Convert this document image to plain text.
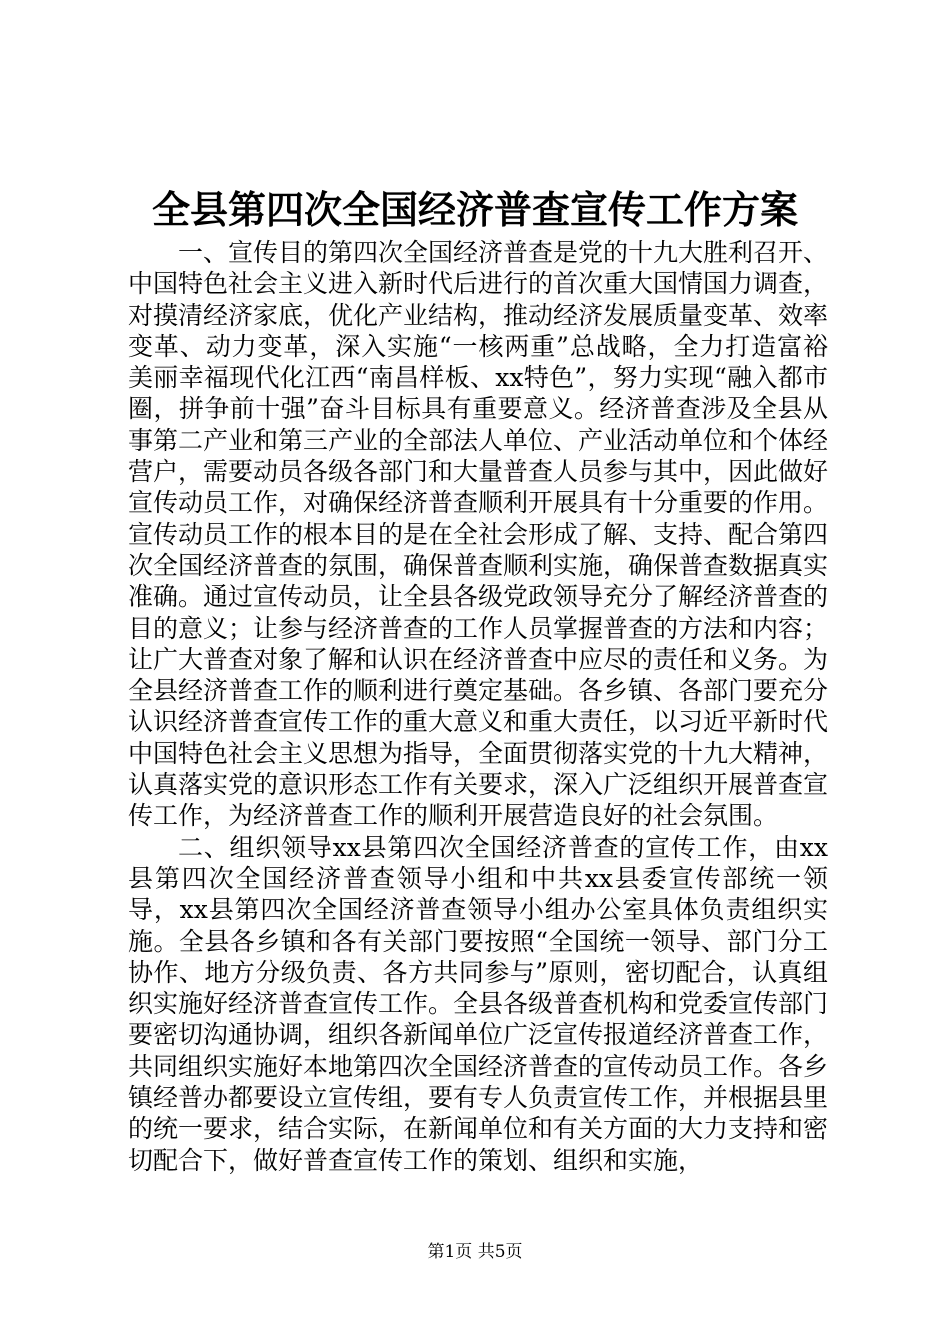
全县第四次全国经济普查宣传工作方案

一、宣传目的第四次全国经济普查是党的十九大胜利召开、中国特色社会主义进入新时代后进行的首次重大国情国力调查，对摸清经济家底，优化产业结构，推动经济发展质量变革、效率变革、动力变革，深入实施“一核两重”总战略，全力打造富裕美丽幸福现代化江西“南昌样板、xx特色”，努力实现“融入都市圈，拼争前十强”奋斗目标具有重要意义。经济普查涉及全县从事第二产业和第三产业的全部法人单位、产业活动单位和个体经营户，需要动员各级各部门和大量普查人员参与其中，因此做好宣传动员工作，对确保经济普查顺利开展具有十分重要的作用。宣传动员工作的根本目的是在全社会形成了解、支持、配合第四次全国经济普查的氛围，确保普查顺利实施，确保普查数据真实准确。通过宣传动员，让全县各级党政领导充分了解经济普查的目的意义；让参与经济普查的工作人员掌握普查的方法和内容；让广大普查对象了解和认识在经济普查中应尽的责任和义务。为全县经济普查工作的顺利进行奠定基础。各乡镇、各部门要充分认识经济普查宣传工作的重大意义和重大责任，以习近平新时代中国特色社会主义思想为指导，全面贯彻落实党的十九大精神，认真落实党的意识形态工作有关要求，深入广泛组织开展普查宣传工作，为经济普查工作的顺利开展营造良好的社会氛围。

二、组织领导xx县第四次全国经济普查的宣传工作，由xx县第四次全国经济普查领导小组和中共xx县委宣传部统一领导，xx县第四次全国经济普查领导小组办公室具体负责组织实施。全县各乡镇和各有关部门要按照“全国统一领导、部门分工协作、地方分级负责、各方共同参与”原则，密切配合，认真组织实施好经济普查宣传工作。全县各级普查机构和党委宣传部门要密切沟通协调，组织各新闻单位广泛宣传报道经济普查工作，共同组织实施好本地第四次全国经济普查的宣传动员工作。各乡镇经普办都要设立宣传组，要有专人负责宣传工作，并根据县里的统一要求，结合实际，在新闻单位和有关方面的大力支持和密切配合下，做好普查宣传工作的策划、组织和实施，

第1页 共5页
